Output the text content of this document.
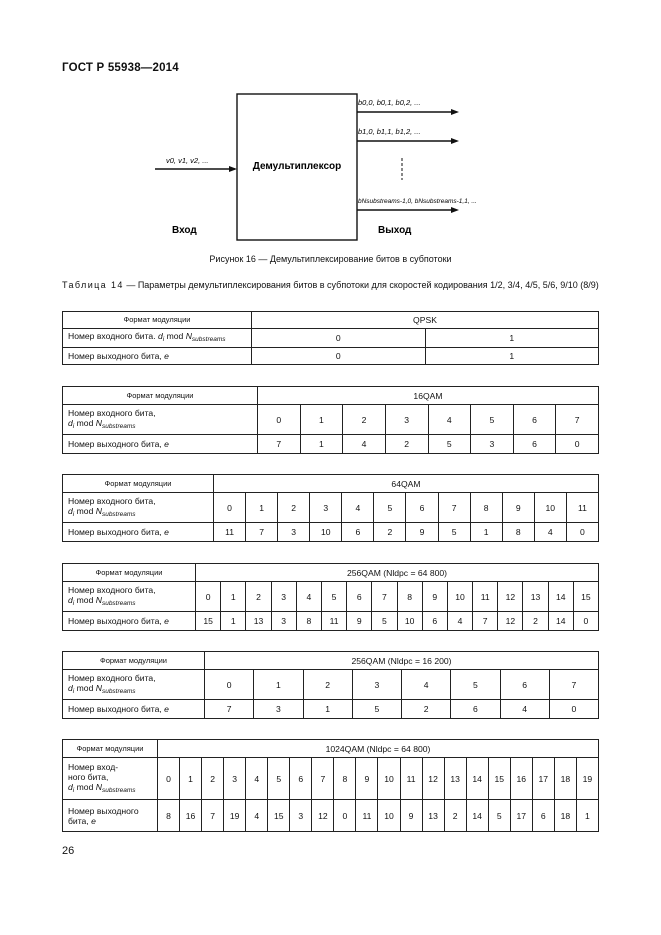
ГОСТ Р 55938—2014
Демультиплексор
v0, v1, v2, ...
b0,0, b0,1, b0,2, ...
b1,0, b1,1, b1,2, ...
bNsubstreams-1,0, bNsubstreams-1,1, ...
Вход	Выход
Рисунок 16 — Демультиплексирование битов в субпотоки
Таблица 14 — Параметры демультиплексирования битов в субпотоки для скоростей кодирования 1/2, 3/4, 4/5, 5/6, 9/10 (8/9)
Формат модуляции	QPSK	
Номер входного бита. $d_i$ mod $N_{substreams}$	0	1
Номер выходного бита, e	0	1
Формат модуляции	16QAM							
Номер входного бита,
$d_i$ mod $N_{substreams}$	0	1	2	3	4	5	6	7
Номер выходного бита, e	7	1	4	2	5	3	6	0
Формат модуляции	64QAM											
Номер входного бита,
$d_i$ mod $N_{substreams}$	0	1	2	3	4	5	6	7	8	9	10	11
Номер выходного бита, e	11	7	3	10	6	2	9	5	1	8	4	0
Формат модуляции	256QAM (Nldpc = 64 800)															
Номер входного бита,
$d_i$ mod $N_{substreams}$	0	1	2	3	4	5	6	7	8	9	10	11	12	13	14	15
Номер выходного бита, e	15	1	13	3	8	11	9	5	10	6	4	7	12	2	14	0
Формат модуляции	256QAM (Nldpc = 16 200)							
Номер входного бита,
$d_i$ mod $N_{substreams}$	0	1	2	3	4	5	6	7
Номер выходного бита, e	7	3	1	5	2	6	4	0
Формат модуляции	1024QAM (Nldpc = 64 800)																			
Номер вход-
ного бита,
$d_i$ mod $N_{substreams}$	0	1	2	3	4	5	6	7	8	9	10	11	12	13	14	15	16	17	18	19
Номер выходного
бита, e	8	16	7	19	4	15	3	12	0	11	10	9	13	2	14	5	17	6	18	1
26
